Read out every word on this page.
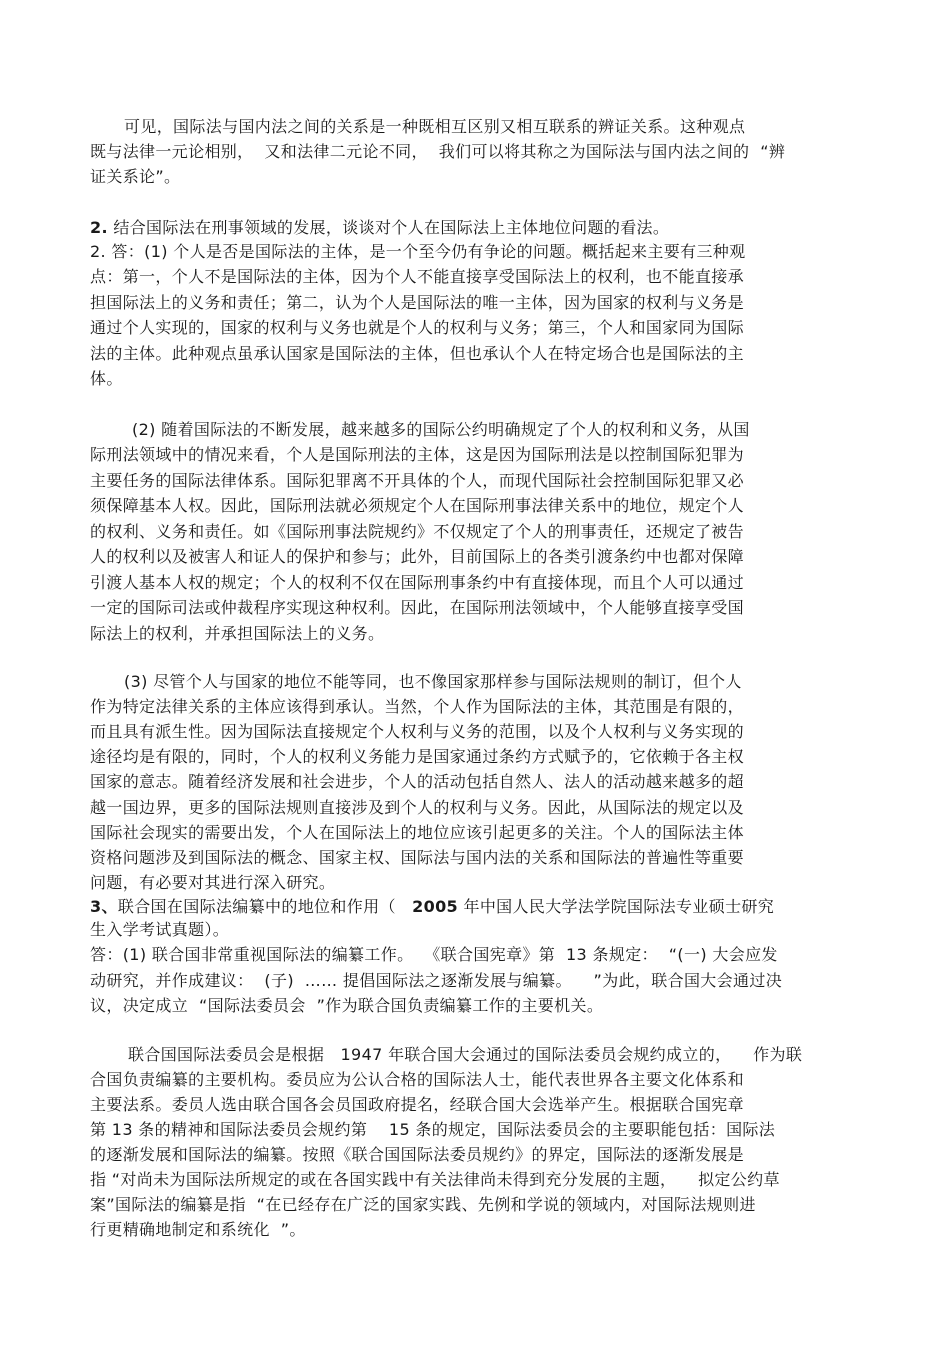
可见，国际法与国内法之间的关系是一种既相互区别又相互联系的辨证关系。这种观点
既与法律一元论相别，  又和法律二元论不同，  我们可以将其称之为国际法与国内法之间的  “辨
证关系论”。
2. 结合国际法在刑事领域的发展，谈谈对个人在国际法上主体地位问题的看法。
2. 答：(1) 个人是否是国际法的主体，是一个至今仍有争论的问题。概括起来主要有三种观
点：第一，个人不是国际法的主体，因为个人不能直接享受国际法上的权利，也不能直接承
担国际法上的义务和责任；第二，认为个人是国际法的唯一主体，因为国家的权利与义务是
通过个人实现的，国家的权利与义务也就是个人的权利与义务；第三，个人和国家同为国际
法的主体。此种观点虽承认国家是国际法的主体，但也承认个人在特定场合也是国际法的主
体。
(2) 随着国际法的不断发展，越来越多的国际公约明确规定了个人的权利和义务，从国
际刑法领域中的情况来看，个人是国际刑法的主体，这是因为国际刑法是以控制国际犯罪为
主要任务的国际法律体系。国际犯罪离不开具体的个人，而现代国际社会控制国际犯罪又必
须保障基本人权。因此，国际刑法就必须规定个人在国际刑事法律关系中的地位，规定个人
的权利、义务和责任。如《国际刑事法院规约》不仅规定了个人的刑事责任，还规定了被告
人的权利以及被害人和证人的保护和参与；此外，目前国际上的各类引渡条约中也都对保障
引渡人基本人权的规定；个人的权利不仅在国际刑事条约中有直接体现，而且个人可以通过
一定的国际司法或仲裁程序实现这种权利。因此，在国际刑法领域中，个人能够直接享受国
际法上的权利，并承担国际法上的义务。
(3) 尽管个人与国家的地位不能等同，也不像国家那样参与国际法规则的制订，但个人
作为特定法律关系的主体应该得到承认。当然，个人作为国际法的主体，其范围是有限的，
而且具有派生性。因为国际法直接规定个人权利与义务的范围，以及个人权利与义务实现的
途径均是有限的，同时，个人的权利义务能力是国家通过条约方式赋予的，它依赖于各主权
国家的意志。随着经济发展和社会进步，个人的活动包括自然人、法人的活动越来越多的超
越一国边界，更多的国际法规则直接涉及到个人的权利与义务。因此，从国际法的规定以及
国际社会现实的需要出发，个人在国际法上的地位应该引起更多的关注。个人的国际法主体
资格问题涉及到国际法的概念、国家主权、国际法与国内法的关系和国际法的普遍性等重要
问题，有必要对其进行深入研究。
3、联合国在国际法编纂中的地位和作用（   2005 年中国人民大学法学院国际法专业硕士研究
生入学考试真题）。
答：(1) 联合国非常重视国际法的编纂工作。  《联合国宪章》第  13 条规定：  “(一) 大会应发
动研究，并作成建议：  (子)  …… 提倡国际法之逐渐发展与编纂。    ”为此，联合国大会通过决
议，决定成立  “国际法委员会  ”作为联合国负责编纂工作的主要机关。
联合国国际法委员会是根据   1947 年联合国大会通过的国际法委员会规约成立的，    作为联
合国负责编纂的主要机构。委员应为公认合格的国际法人士，能代表世界各主要文化体系和
主要法系。委员人选由联合国各会员国政府提名，经联合国大会选举产生。根据联合国宪章
第 13 条的精神和国际法委员会规约第    15 条的规定，国际法委员会的主要职能包括：国际法
的逐渐发展和国际法的编纂。按照《联合国国际法委员规约》的界定，国际法的逐渐发展是
指 “对尚未为国际法所规定的或在各国实践中有关法律尚未得到充分发展的主题，    拟定公约草
案”国际法的编纂是指  “在已经存在广泛的国家实践、先例和学说的领域内，对国际法规则进
行更精确地制定和系统化  ”。
